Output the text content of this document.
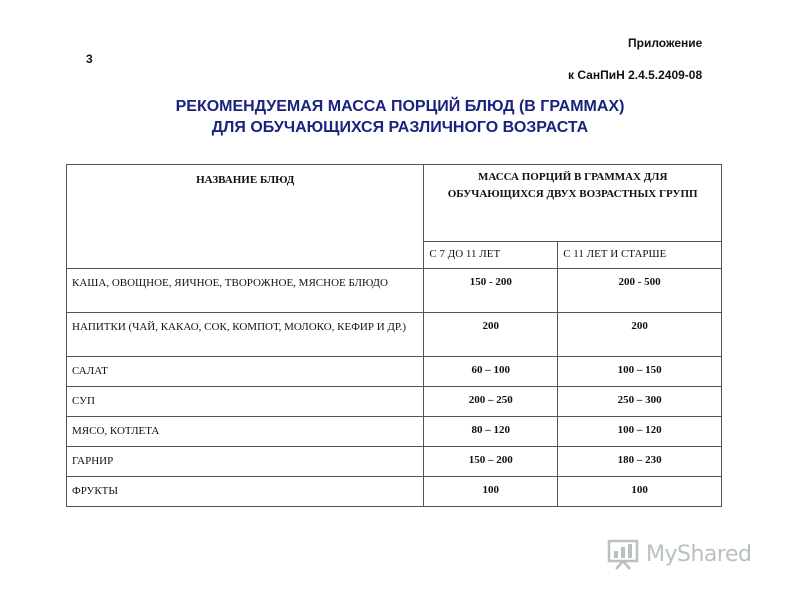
Приложение
3
к СанПиН 2.4.5.2409-08
РЕКОМЕНДУЕМАЯ МАССА ПОРЦИЙ БЛЮД (В ГРАММАХ)
ДЛЯ ОБУЧАЮЩИХСЯ РАЗЛИЧНОГО ВОЗРАСТА
НАЗВАНИЕ БЛЮД	МАССА ПОРЦИЙ В ГРАММАХ ДЛЯ ОБУЧАЮЩИХСЯ ДВУХ ВОЗРАСТНЫХ ГРУПП	
	С 7 ДО 11 ЛЕТ	С 11 ЛЕТ И СТАРШЕ
КАША, ОВОЩНОЕ, ЯИЧНОЕ, ТВОРОЖНОЕ, МЯСНОЕ БЛЮДО	150 - 200	200 - 500
НАПИТКИ (ЧАЙ, КАКАО, СОК, КОМПОТ, МОЛОКО, КЕФИР И ДР.)	200	200
САЛАТ	60 – 100	100 – 150
СУП	200 – 250	250 – 300
МЯСО, КОТЛЕТА	80 – 120	100 – 120
ГАРНИР	150 – 200	180 – 230
ФРУКТЫ	100	100
MyShared
